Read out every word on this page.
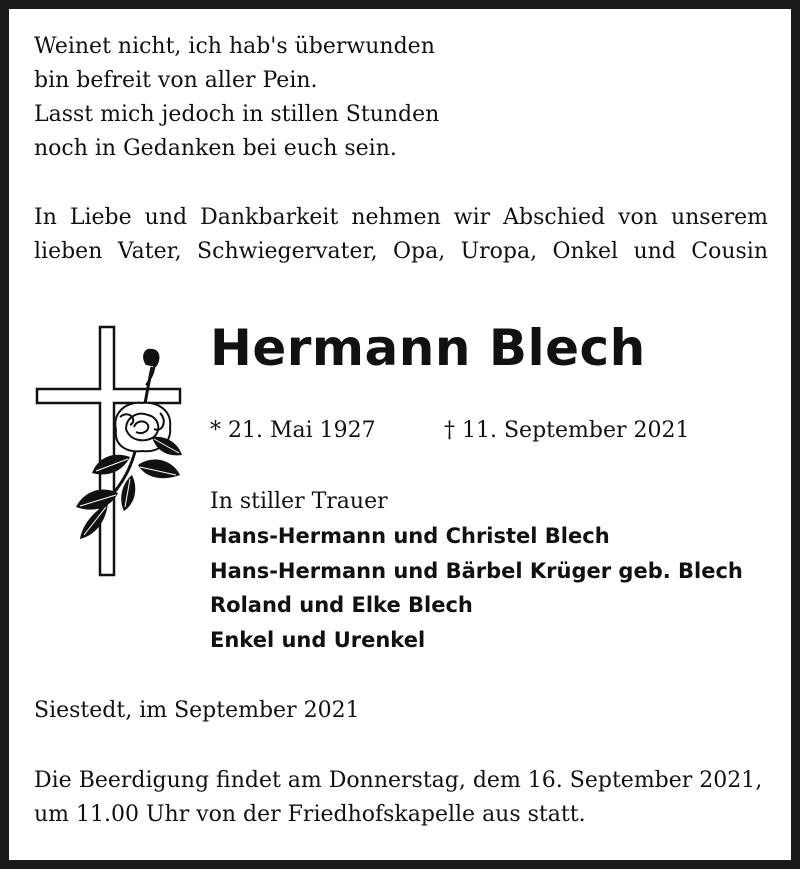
Weinet nicht, ich hab's überwunden
bin befreit von aller Pein.
Lasst mich jedoch in stillen Stunden
noch in Gedanken bei euch sein.
In Liebe und Dankbarkeit nehmen wir Abschied von unserem
lieben Vater, Schwiegervater, Opa, Uropa, Onkel und Cousin
Hermann Blech
* 21. Mai 1927	† 11. September 2021
In stiller Trauer
Hans-Hermann und Christel Blech
Hans-Hermann und Bärbel Krüger geb. Blech
Roland und Elke Blech
Enkel und Urenkel
Siestedt, im September 2021
Die Beerdigung findet am Donnerstag, dem 16. September 2021,
um 11.00 Uhr von der Friedhofskapelle aus statt.
